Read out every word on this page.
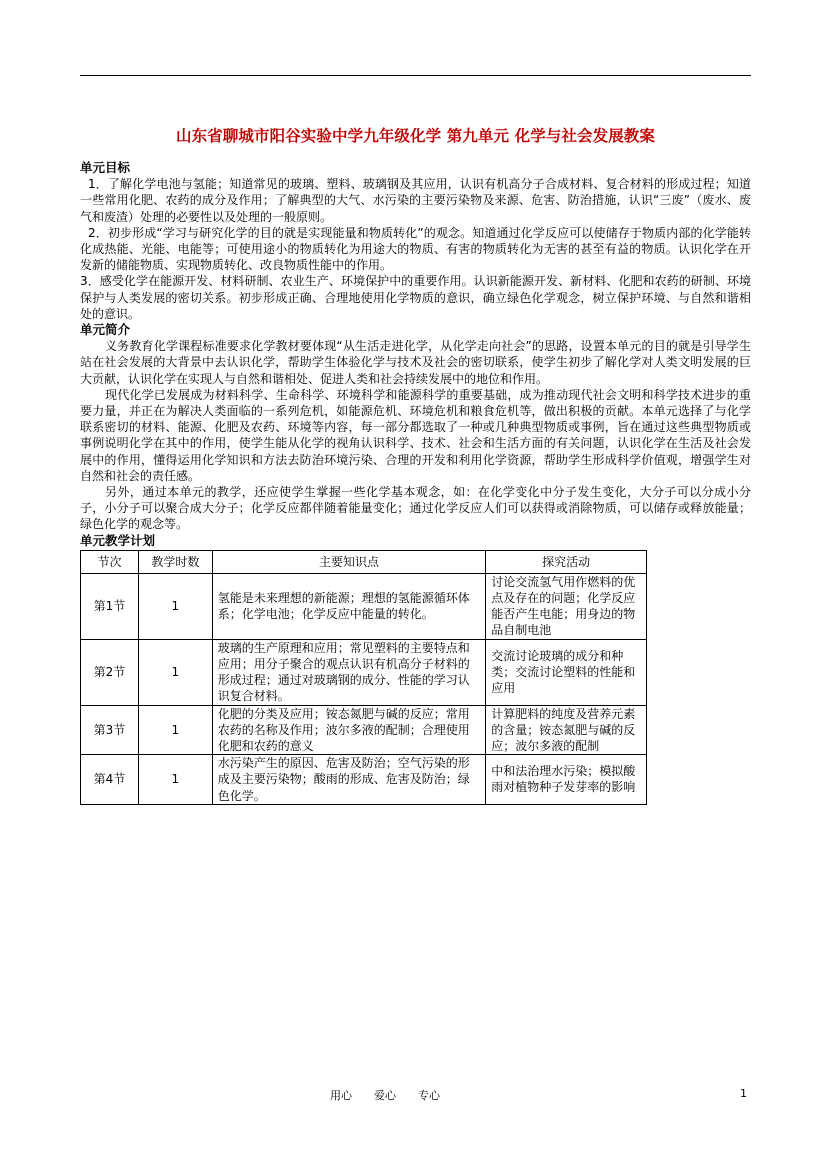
山东省聊城市阳谷实验中学九年级化学 第九单元 化学与社会发展教案
单元目标

1．了解化学电池与氢能；知道常见的玻璃、塑料、玻璃钢及其应用，认识有机高分子合成材料、复合材料的形成过程；知道一些常用化肥、农药的成分及作用；了解典型的大气、水污染的主要污染物及来源、危害、防治措施，认识“三废”（废水、废气和废渣）处理的必要性以及处理的一般原则。

2．初步形成“学习与研究化学的目的就是实现能量和物质转化”的观念。知道通过化学反应可以使储存于物质内部的化学能转化成热能、光能、电能等；可使用途小的物质转化为用途大的物质、有害的物质转化为无害的甚至有益的物质。认识化学在开发新的储能物质、实现物质转化、改良物质性能中的作用。

3．感受化学在能源开发、材料研制、农业生产、环境保护中的重要作用。认识新能源开发、新材料、化肥和农药的研制、环境保护与人类发展的密切关系。初步形成正确、合理地使用化学物质的意识，确立绿色化学观念，树立保护环境、与自然和谐相处的意识。

单元简介

义务教育化学课程标准要求化学教材要体现“从生活走进化学，从化学走向社会”的思路，设置本单元的目的就是引导学生站在社会发展的大背景中去认识化学，帮助学生体验化学与技术及社会的密切联系，使学生初步了解化学对人类文明发展的巨大贡献，认识化学在实现人与自然和谐相处、促进人类和社会持续发展中的地位和作用。

现代化学已发展成为材料科学、生命科学、环境科学和能源科学的重要基础，成为推动现代社会文明和科学技术进步的重要力量，并正在为解决人类面临的一系列危机，如能源危机、环境危机和粮食危机等，做出积极的贡献。本单元选择了与化学联系密切的材料、能源、化肥及农药、环境等内容，每一部分都选取了一种或几种典型物质或事例，旨在通过这些典型物质或事例说明化学在其中的作用，使学生能从化学的视角认识科学、技术、社会和生活方面的有关问题，认识化学在生活及社会发展中的作用，懂得运用化学知识和方法去防治环境污染、合理的开发和利用化学资源，帮助学生形成科学价值观，增强学生对自然和社会的责任感。

另外，通过本单元的教学，还应使学生掌握一些化学基本观念，如：在化学变化中分子发生变化，大分子可以分成小分子，小分子可以聚合成大分子；化学反应都伴随着能量变化；通过化学反应人们可以获得或消除物质，可以储存或释放能量；绿色化学的观念等。

单元教学计划
节次	教学时数	主要知识点	探究活动
第1节	1	氢能是未来理想的新能源；理想的氢能源循环体系；化学电池；化学反应中能量的转化。	讨论交流氢气用作燃料的优点及存在的问题；化学反应能否产生电能；用身边的物品自制电池
第2节	1	玻璃的生产原理和应用；常见塑料的主要特点和应用；用分子聚合的观点认识有机高分子材料的形成过程；通过对玻璃钢的成分、性能的学习认识复合材料。	交流讨论玻璃的成分和种类；交流讨论塑料的性能和应用
第3节	1	化肥的分类及应用；铵态氮肥与碱的反应；常用农药的名称及作用；波尔多液的配制；合理使用化肥和农药的意义	计算肥料的纯度及营养元素的含量；铵态氮肥与碱的反应；波尔多液的配制
第4节	1	水污染产生的原因、危害及防治；空气污染的形成及主要污染物；酸雨的形成、危害及防治；绿色化学。	中和法治理水污染；模拟酸雨对植物种子发芽率的影响
用心　　爱心　　专心	1
